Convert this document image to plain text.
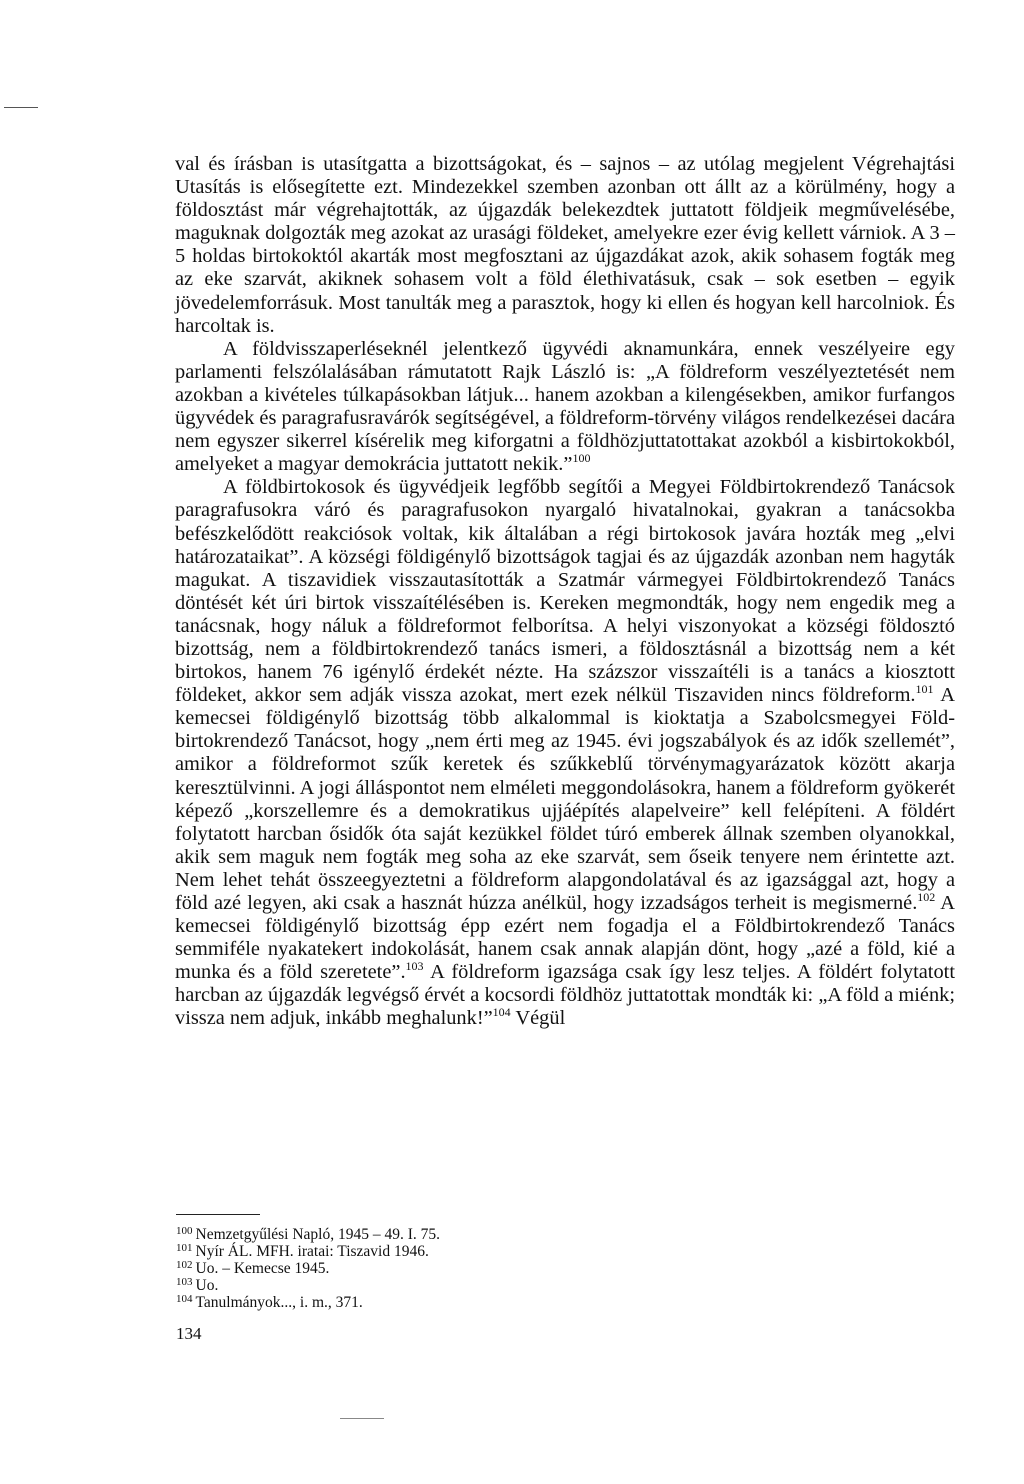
val és írásban is utasítgatta a bizottságokat, és – sajnos – az utólag megjelent Végrehajtási Utasítás is elősegítette ezt. Mindezekkel szemben azonban ott állt az a körülmény, hogy a földosztást már végrehajtották, az újgazdák belekezdtek juttatott földjeik megművelésébe, maguknak dolgozták meg azokat az urasági földeket, amelyekre ezer évig kellett várniok. A 3 – 5 holdas birtokoktól akarták most megfosztani az újgazdákat azok, akik sohasem fogták meg az eke szarvát, akiknek sohasem volt a föld élethivatásuk, csak – sok esetben – egyik jövedelemforrásuk. Most tanulták meg a parasztok, hogy ki ellen és hogyan kell harcolniok. És harcoltak is.

A földvisszaperléseknél jelentkező ügyvédi aknamunkára, ennek veszélyeire egy parlamenti felszólalásában rámutatott Rajk László is: „A földreform veszélyeztetését nem azokban a kivételes túlkapásokban látjuk... hanem azokban a kilengésekben, amikor furfangos ügyvédek és paragrafusravárók segítségével, a földreform-törvény világos rendelkezései dacára nem egyszer sikerrel kísérelik meg kiforgatni a földhözjuttatottakat azokból a kisbirtokokból, amelyeket a magyar demokrácia juttatott nekik.”$^{100}$

A földbirtokosok és ügyvédjeik legfőbb segítői a Megyei Földbirtokrendező Tanácsok paragrafusokra váró és paragrafusokon nyargaló hivatalnokai, gyakran a tanácsokba befészkelődött reakciósok voltak, kik általában a régi birtokosok javára hozták meg „elvi határozataikat”. A községi földigénylő bizottságok tagjai és az újgazdák azonban nem hagyták magukat. A tiszavidiek visszautasították a Szatmár vármegyei Földbirtokrendező Tanács döntését két úri birtok visszaítélésében is. Kereken megmondták, hogy nem engedik meg a tanácsnak, hogy náluk a földreformot felborítsa. A helyi viszonyokat a községi földosztó bizottság, nem a földbirtokrendező tanács ismeri, a földosztásnál a bizottság nem a két birtokos, hanem 76 igénylő érdekét nézte. Ha százszor visszaítéli is a tanács a kiosztott földeket, akkor sem adják vissza azokat, mert ezek nélkül Tiszaviden nincs földreform.$^{101}$ A kemecsei földigénylő bizottság több alkalommal is kioktatja a Szabolcsmegyei Földbirtokrendező Tanácsot, hogy „nem érti meg az 1945. évi jogszabályok és az idők szellemét”, amikor a földreformot szűk keretek és szűkkeblű törvénymagyarázatok között akarja keresztülvinni. A jogi álláspontot nem elméleti meggondolásokra, hanem a földreform gyökerét képező „korszellemre és a demokratikus ujjáépítés alapelveire” kell felépíteni. A földért folytatott harcban ősidők óta saját kezükkel földet túró emberek állnak szemben olyanokkal, akik sem maguk nem fogták meg soha az eke szarvát, sem őseik tenyere nem érintette azt. Nem lehet tehát összeegyeztetni a földreform alapgondolatával és az igazsággal azt, hogy a föld azé legyen, aki csak a hasznát húzza anélkül, hogy izzadságos terheit is megismerné.$^{102}$ A kemecsei földigénylő bizottság épp ezért nem fogadja el a Földbirtokrendező Tanács semmiféle nyakatekert indokolását, hanem csak annak alapján dönt, hogy „azé a föld, kié a munka és a föld szeretete”.$^{103}$ A földreform igazsága csak így lesz teljes. A földért folytatott harcban az újgazdák legvégső érvét a kocsordi földhöz juttatottak mondták ki: „A föld a miénk; vissza nem adjuk, inkább meghalunk!”$^{104}$ Végül

$^{100}$ Nemzetgyűlési Napló, 1945 – 49. I. 75.
$^{101}$ Nyír ÁL. MFH. iratai: Tiszavid 1946.
$^{102}$ Uo. – Kemecse 1945.
$^{103}$ Uo.
$^{104}$ Tanulmányok..., i. m., 371.
134
